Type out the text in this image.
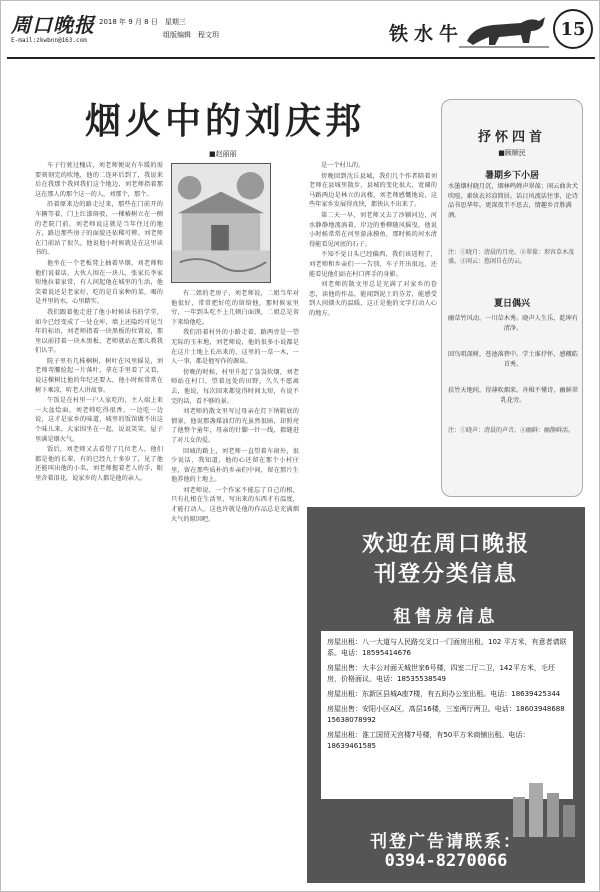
周口晚报
E-mail:zkwbnn@163.com
2018 年 9 月 8 日　星期三
组版编辑　程文玥	铁水牛	15
烟火中的刘庆邦
■赵丽丽

车子行驶过槐店，刘老师便说有车缓的需要刻刻完的吹地，他的二连环后到了，我说来后在我那个我问我们这个地边，刘老师指着那这在那人的那个这一的人，刘那个，那个。

沿着原来边的路走过来，那些在门前开的车辆等着，门上红漆斑驳，一棵椿树立在一侧的老院门前，刘老师说这就是当年住过的地方，路边那些房子的面貌还依稀可辨。刘老师在门前站了很久，他说他小时候就是在这里读书的。

他坐在一个老板凳上抽着旱烟，刘老师和他们说着话，大伙人围在一块儿，张家长李家短地拉着家常，有人问起他在城里的生活，他笑着说还是老家好，吃的是自家种的菜，喝的是井里的水，心里踏实。

我们跟着他走进了他小时候读书的学堂，如今已经变成了一处仓库，墙上还隐约可见当年的标语，刘老师指着一块黑板的位置说，那里以前挂着一块木黑板，老师就站在那儿教我们认字。

院子里有几株桐树，树叶在风里摇晃，刘老师弯腰捡起一片落叶，拿在手里看了又看，说这棵树比他的年纪还要大，他小时候常常在树下乘凉，听老人讲故事。

午饭是在村里一户人家吃的，主人端上来一大盆烩面，刘老师吃得很香，一边吃一边说，这才是家乡的味道，城里的饭馆做不出这个味儿来。大家围坐在一起，说说笑笑，屋子里满是烟火气。

饭后，刘老师又去看望了几位老人，他们都是他的长辈，有的已经九十多岁了，见了他还能叫出他的小名，刘老师握着老人的手，眼里含着泪花，说家乡的人都是他的亲人。

有二姐的老房子，刘老师说，二姐当年对他很好，常常把好吃的留给他，那时候家里穷，一年到头吃不上几顿白面馍，二姐总是省下来给他吃。

我们沿着村外的小路走着，路两旁是一望无际的玉米地，刘老师说，他的很多小说都是在这片土地上长出来的，这里的一草一木，一人一事，都是他写作的源泉。

傍晚的时候，村里升起了袅袅炊烟，刘老师站在村口，望着远处的田野，久久不愿离去，他说，每次回来都觉得时间太短，有说不完的话，看不够的景。

刘老师的散文里写过母亲在灯下纳鞋底的情景，他说那盏煤油灯的光虽然很暗，却照亮了他整个童年，母亲的针脚一针一线，都缝进了对儿女的爱。

回城的路上，刘老师一直望着车窗外，很少说话，我知道，他的心还留在那个小村庄里，留在那些质朴的乡亲们中间，留在那片生他养他的土地上。

刘老师说，一个作家不能忘了自己的根，只有扎根在生活里，写出来的东西才有温度，才能打动人，这也许就是他的作品总是充满烟火气的原因吧。

是一个村儿的。

傍晚回到沈丘县城，我们几个作者陪着刘老师在县城里散步，县城的变化很大，宽阔的马路两边是林立的高楼，刘老师感慨地说，这些年家乡发展得真快，都快认不出来了。

第二天一早，刘老师又去了沙颍河边，河水静静地流淌着，岸边的垂柳随风摇曳，他说小时候常常在河里游泳摸鱼，那时候的河水清得能看见河底的石子。

不知不觉日头已经偏西，我们该返程了，刘老师和乡亲们一一告别，车子开出很远，还能看见他们站在村口挥手的身影。

刘老师的散文里总是充满了对家乡的眷恋，读他的作品，能闻到泥土的芬芳，能感受到人间烟火的温暖，这正是他的文字打动人心的地方。

抒怀四首
■顾顺民
暑期乡下小居
水墨烟村晓月沉，烟林鸣蝉声翠葆；闲云曲舍犬吠喧，素纨衣衫凉简居。话日风流话往事，论诗品书思华年。更深夜半不思去，情趣乡音胜满酒。
注：①晓月：清晨的月亮。②翠葆：形容草木茂盛。③闲云：悠闲自在的云。
夏日偶兴
幽草竹风动，一川草木秀。晓声人生乐，乾坤有清净。
回鸟唱深树，苍池落碧中。学士谁抒怀，感概皓首秀。
扶竹天地间，得薄吹烟来。舟楫不懂诗，幽鲜翠乳花旁。
注：①晓声：清晨的声音。②幽鲜：幽静鲜活。
欢迎在周口晚报
刊登分类信息
租售房信息
房屋出租：八一大道与人民路交叉口一门面房出租，102 平方米，有意者请联系。电话：18595414676
房屋出售：大丰公对面天城世家6号楼，四室二厅二卫，142平方米，毛坯房，价格面议。电话：18535538549
房屋出租：东新区县城A座7楼，有五间办公室出租。电话：18639425344
房屋出售：安阳小区A区，高层16楼，三室两厅两卫。电话：18603948688　15638078992
房屋出租：淮工国贸天宫楼7号楼，有50平方米商铺出租。电话：18639461585
刊登广告请联系：
0394-8270066
